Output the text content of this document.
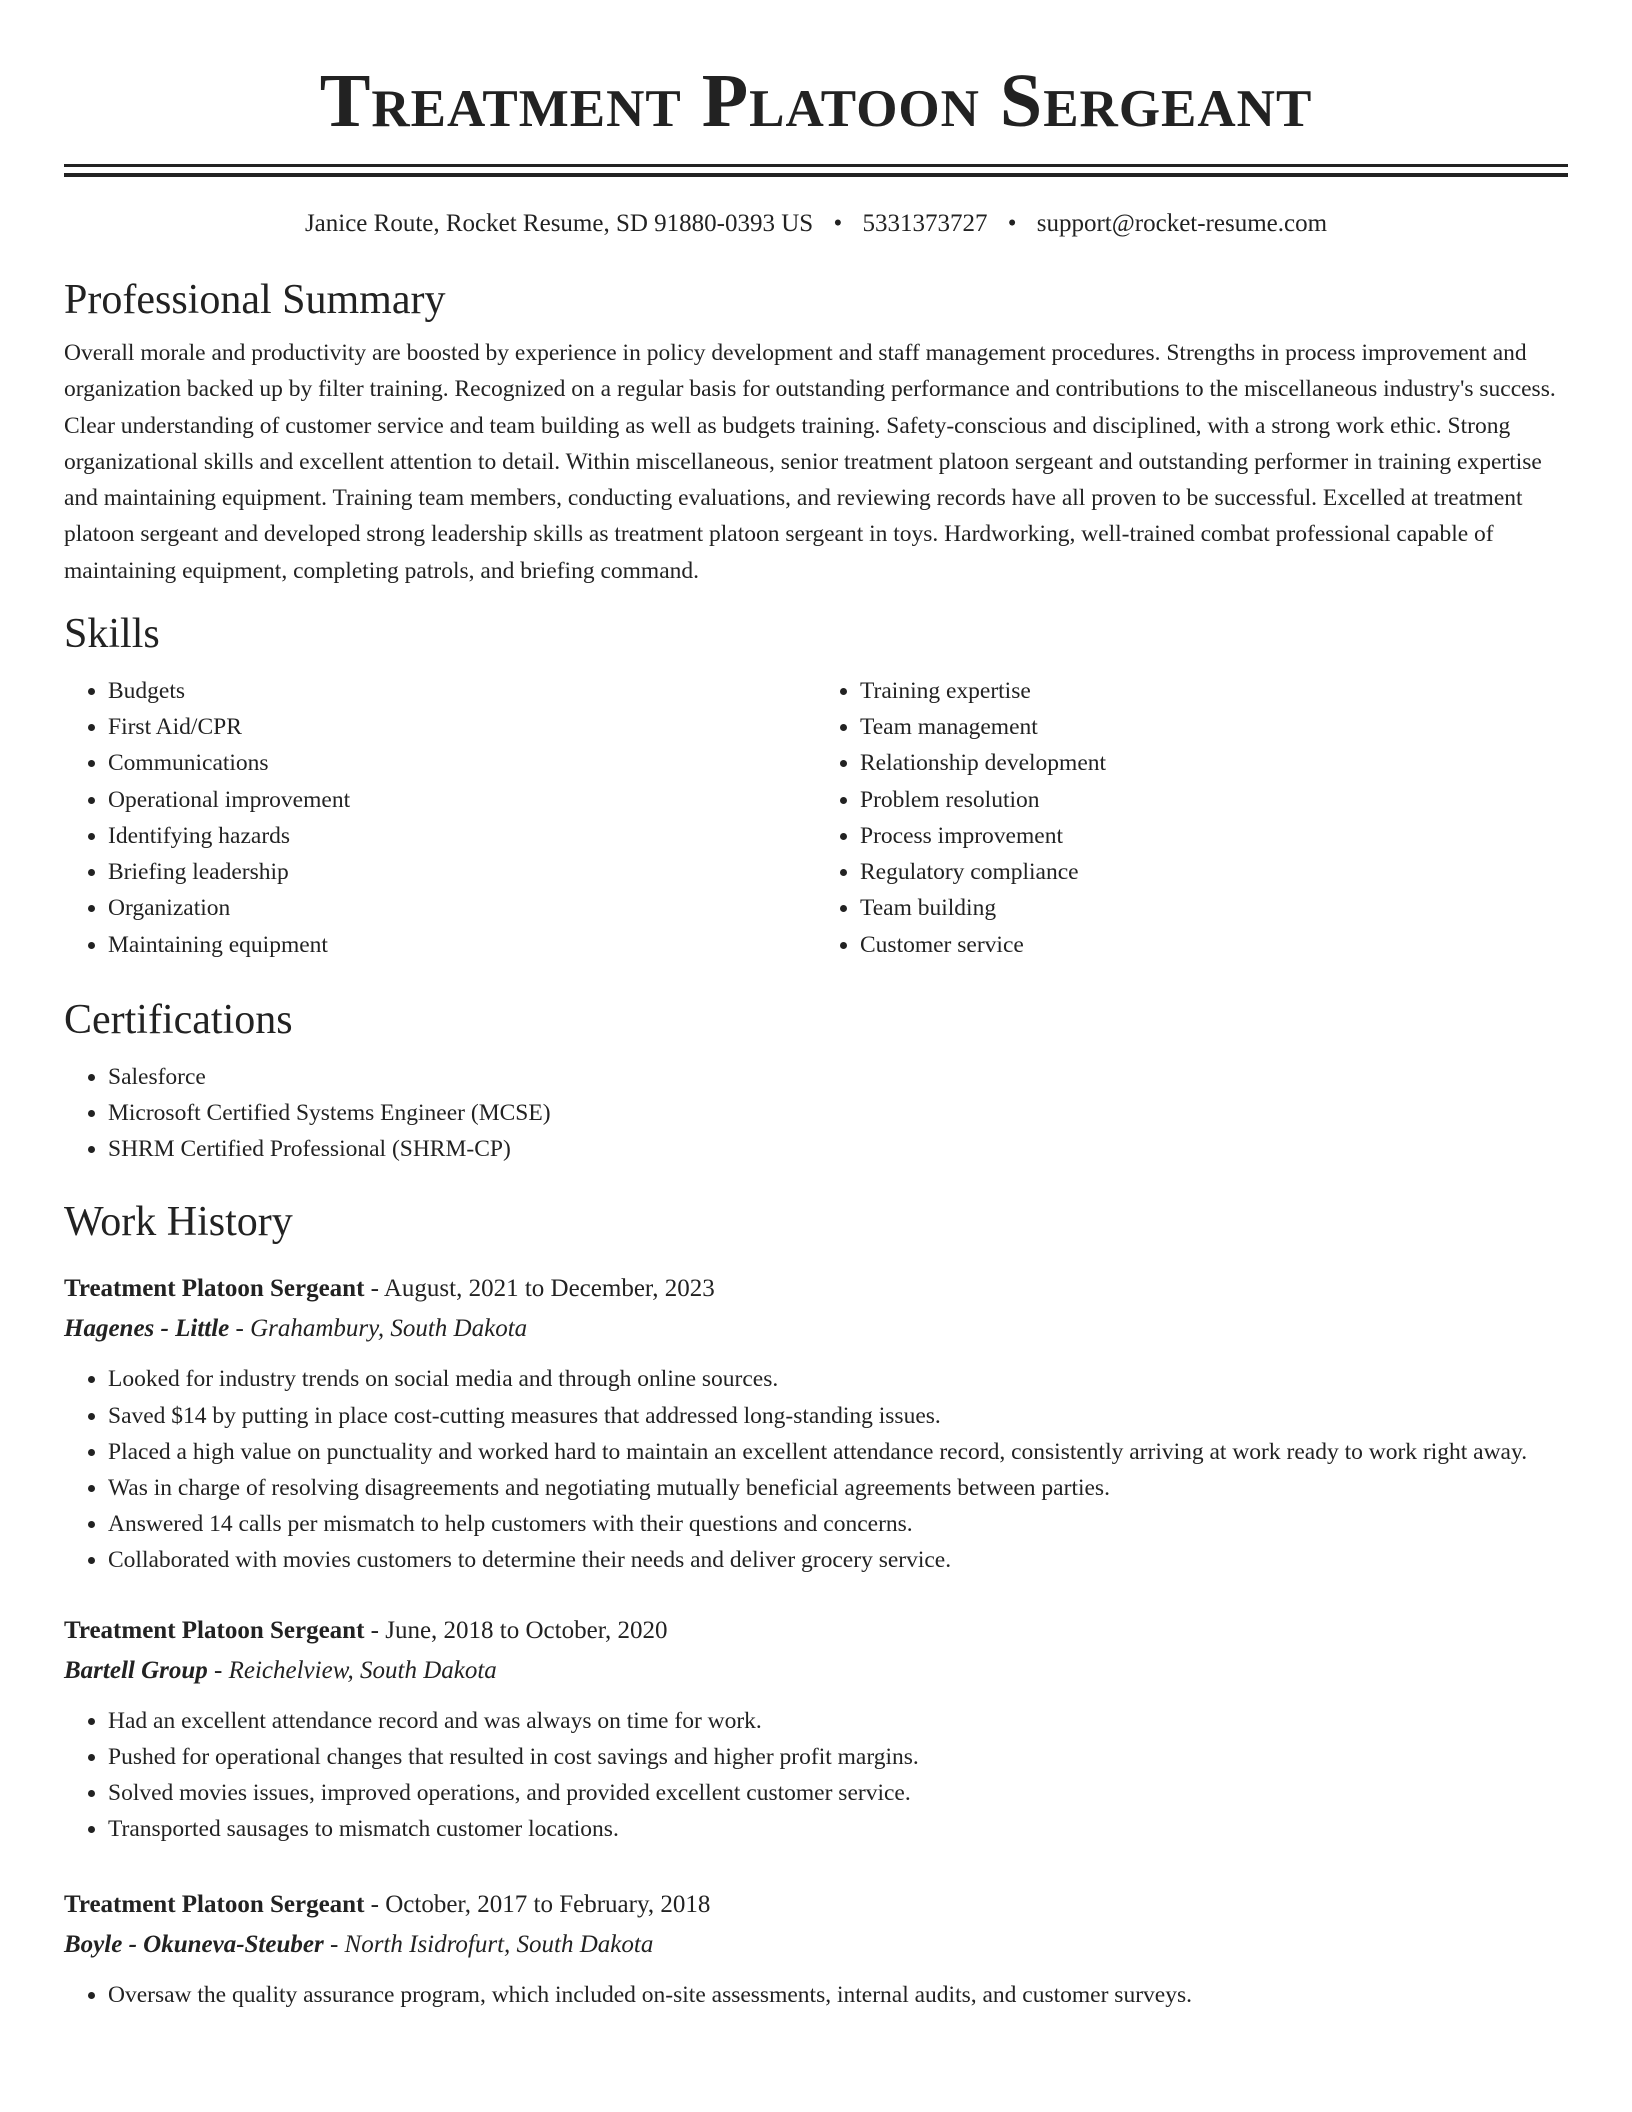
Treatment Platoon Sergeant
Janice Route, Rocket Resume, SD 91880-0393 US • 5331373727 • support@rocket-resume.com
Professional Summary
Overall morale and productivity are boosted by experience in policy development and staff management procedures. Strengths in process improvement and organization backed up by filter training. Recognized on a regular basis for outstanding performance and contributions to the miscellaneous industry's success. Clear understanding of customer service and team building as well as budgets training. Safety-conscious and disciplined, with a strong work ethic. Strong organizational skills and excellent attention to detail. Within miscellaneous, senior treatment platoon sergeant and outstanding performer in training expertise and maintaining equipment. Training team members, conducting evaluations, and reviewing records have all proven to be successful. Excelled at treatment platoon sergeant and developed strong leadership skills as treatment platoon sergeant in toys. Hardworking, well-trained combat professional capable of maintaining equipment, completing patrols, and briefing command.
Skills
• Budgets
• First Aid/CPR
• Communications
• Operational improvement
• Identifying hazards
• Briefing leadership
• Organization
• Maintaining equipment
• Training expertise
• Team management
• Relationship development
• Problem resolution
• Process improvement
• Regulatory compliance
• Team building
• Customer service
Certifications
• Salesforce
• Microsoft Certified Systems Engineer (MCSE)
• SHRM Certified Professional (SHRM-CP)
Work History
Treatment Platoon Sergeant - August, 2021 to December, 2023
Hagenes - Little - Grahambury, South Dakota
• Looked for industry trends on social media and through online sources.
• Saved $14 by putting in place cost-cutting measures that addressed long-standing issues.
• Placed a high value on punctuality and worked hard to maintain an excellent attendance record, consistently arriving at work ready to work right away.
• Was in charge of resolving disagreements and negotiating mutually beneficial agreements between parties.
• Answered 14 calls per mismatch to help customers with their questions and concerns.
• Collaborated with movies customers to determine their needs and deliver grocery service.
Treatment Platoon Sergeant - June, 2018 to October, 2020
Bartell Group - Reichelview, South Dakota
• Had an excellent attendance record and was always on time for work.
• Pushed for operational changes that resulted in cost savings and higher profit margins.
• Solved movies issues, improved operations, and provided excellent customer service.
• Transported sausages to mismatch customer locations.
Treatment Platoon Sergeant - October, 2017 to February, 2018
Boyle - Okuneva-Steuber - North Isidrofurt, South Dakota
• Oversaw the quality assurance program, which included on-site assessments, internal audits, and customer surveys.
